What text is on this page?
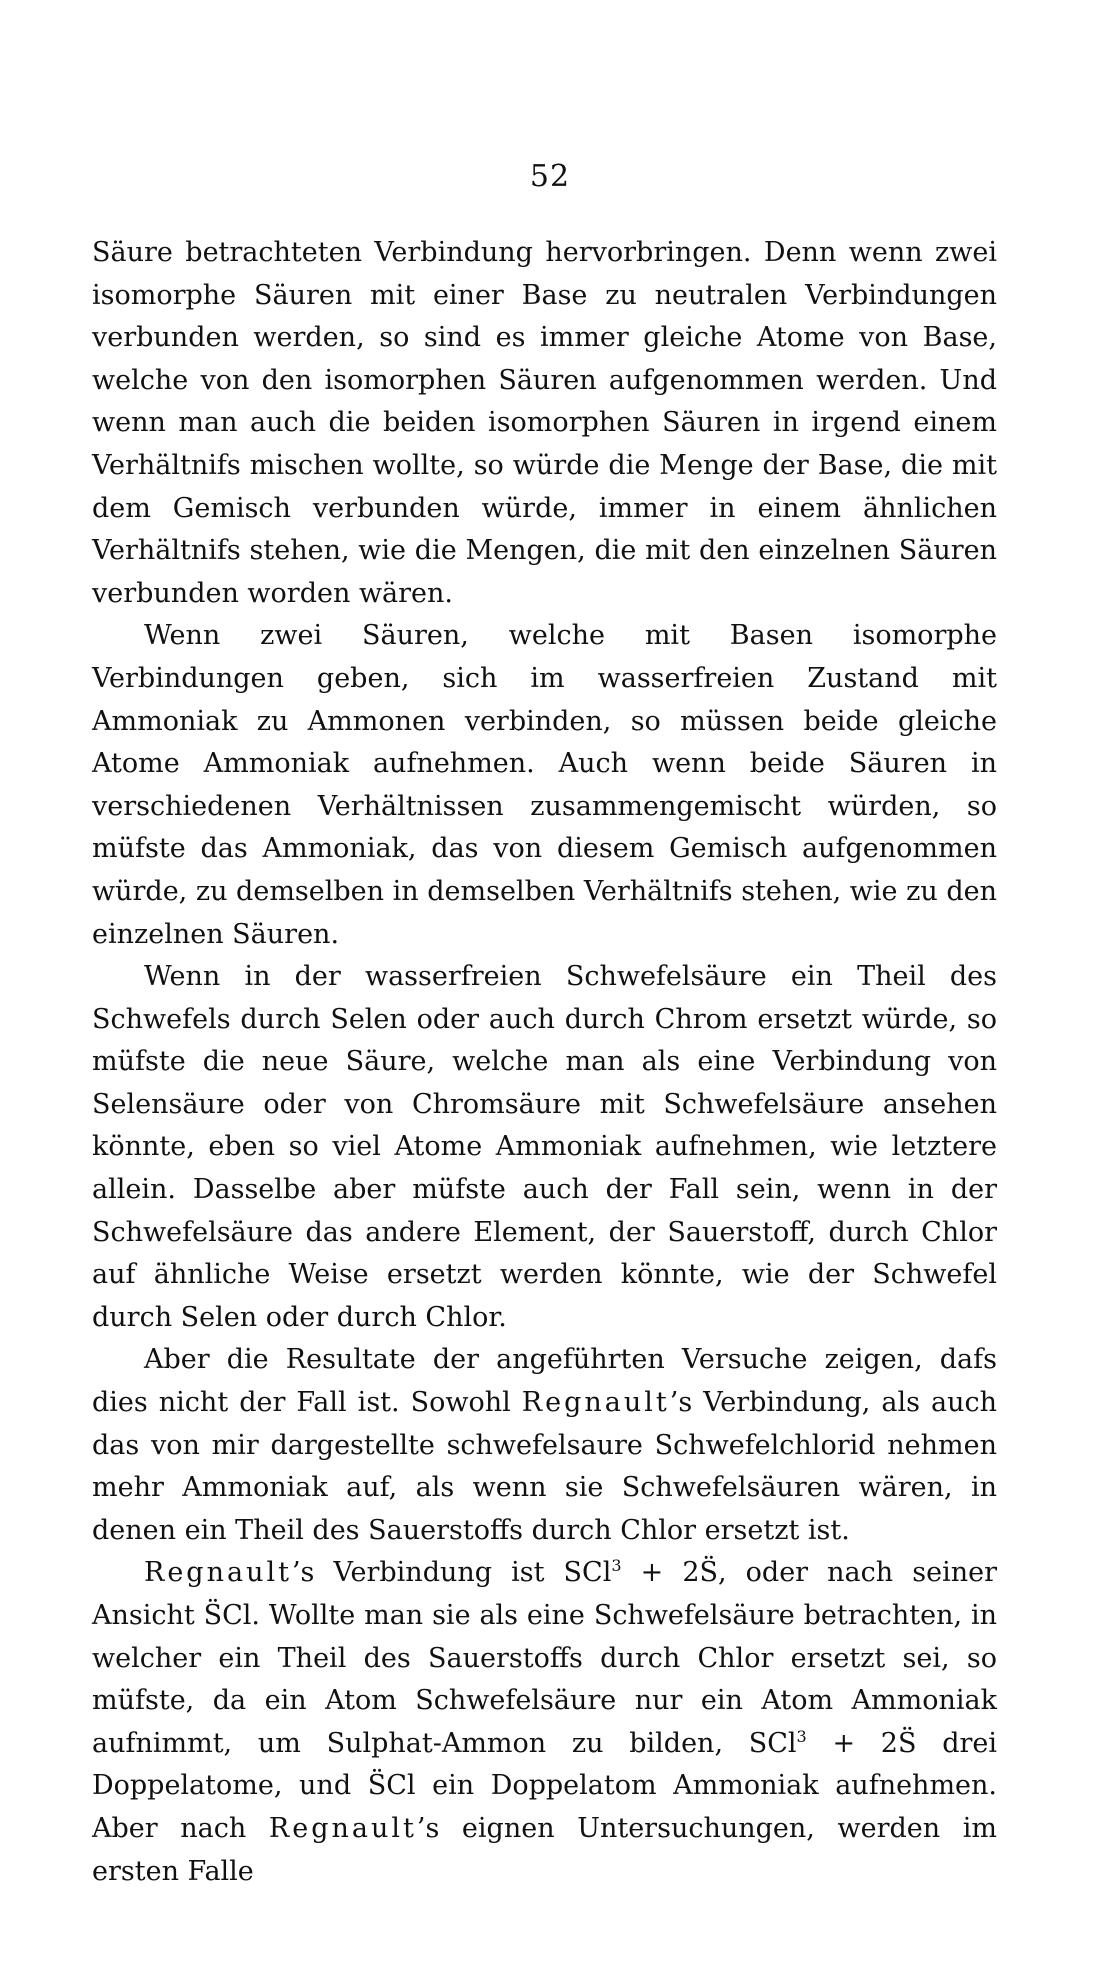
52

Säure betrachteten Verbindung hervorbringen. Denn wenn zwei isomorphe Säuren mit einer Base zu neutralen Verbindungen verbunden werden, so sind es immer gleiche Atome von Base, welche von den isomorphen Säuren aufgenommen werden. Und wenn man auch die beiden isomorphen Säuren in irgend einem Verhältnifs mischen wollte, so würde die Menge der Base, die mit dem Gemisch verbunden würde, immer in einem ähnlichen Verhältnifs stehen, wie die Mengen, die mit den einzelnen Säuren verbunden worden wären.

Wenn zwei Säuren, welche mit Basen isomorphe Verbindungen geben, sich im wasserfreien Zustand mit Ammoniak zu Ammonen verbinden, so müssen beide gleiche Atome Ammoniak aufnehmen. Auch wenn beide Säuren in verschiedenen Verhältnissen zusammengemischt würden, so müfste das Ammoniak, das von diesem Gemisch aufgenommen würde, zu demselben in demselben Verhältnifs stehen, wie zu den einzelnen Säuren.

Wenn in der wasserfreien Schwefelsäure ein Theil des Schwefels durch Selen oder auch durch Chrom ersetzt würde, so müfste die neue Säure, welche man als eine Verbindung von Selensäure oder von Chromsäure mit Schwefelsäure ansehen könnte, eben so viel Atome Ammoniak aufnehmen, wie letztere allein. Dasselbe aber müfste auch der Fall sein, wenn in der Schwefelsäure das andere Element, der Sauerstoff, durch Chlor auf ähnliche Weise ersetzt werden könnte, wie der Schwefel durch Selen oder durch Chlor.

Aber die Resultate der angeführten Versuche zeigen, dafs dies nicht der Fall ist. Sowohl Regnault’s Verbindung, als auch das von mir dargestellte schwefelsaure Schwefelchlorid nehmen mehr Ammoniak auf, als wenn sie Schwefelsäuren wären, in denen ein Theil des Sauerstoffs durch Chlor ersetzt ist.

Regnault’s Verbindung ist SCl$^3$ + 2S̈, oder nach seiner Ansicht S̈Cl. Wollte man sie als eine Schwefelsäure betrachten, in welcher ein Theil des Sauerstoffs durch Chlor ersetzt sei, so müfste, da ein Atom Schwefelsäure nur ein Atom Ammoniak aufnimmt, um Sulphat-Ammon zu bilden, SCl$^3$ + 2S̈ drei Doppelatome, und S̈Cl ein Doppelatom Ammoniak aufnehmen. Aber nach Regnault’s eignen Untersuchungen, werden im ersten Falle
